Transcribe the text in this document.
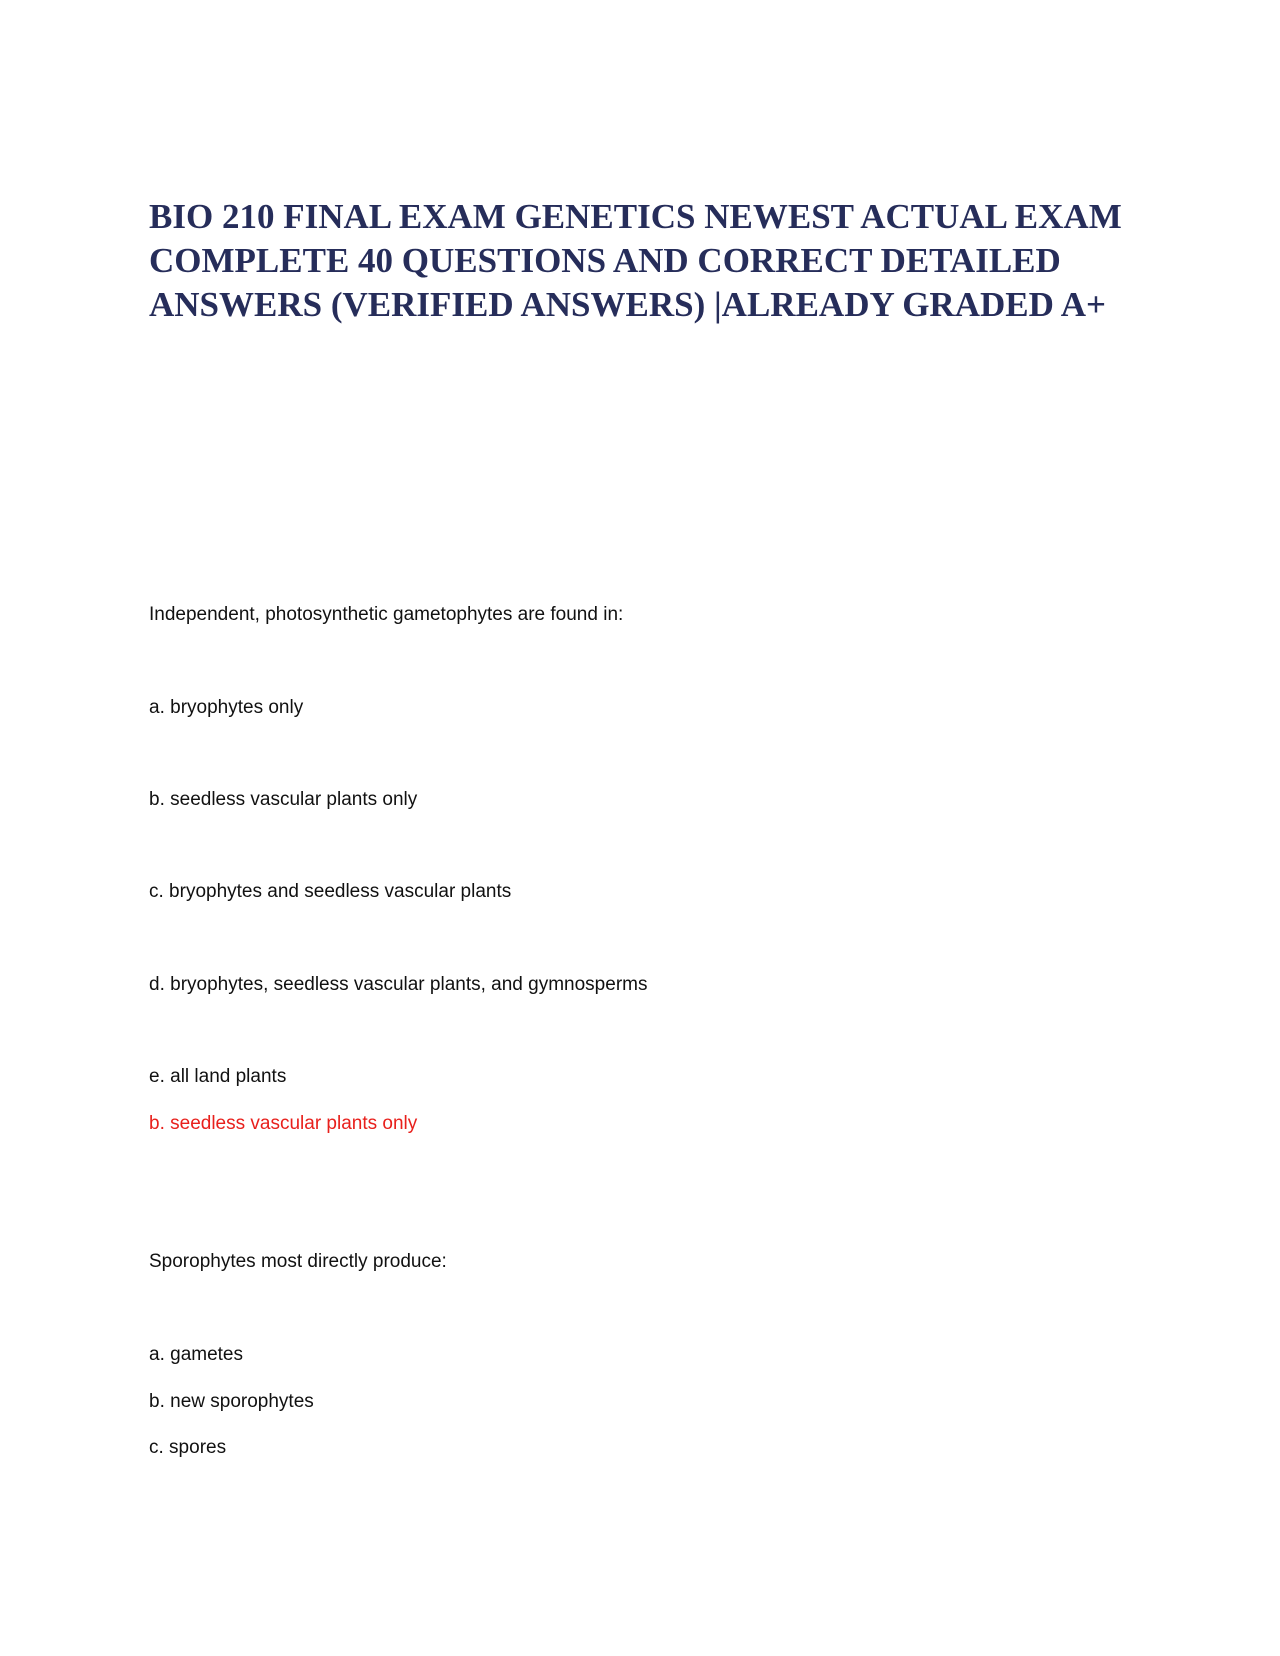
BIO 210 FINAL EXAM GENETICS NEWEST ACTUAL EXAM COMPLETE 40 QUESTIONS AND CORRECT DETAILED ANSWERS (VERIFIED ANSWERS) |ALREADY GRADED A+
Independent, photosynthetic gametophytes are found in:
a. bryophytes only
b. seedless vascular plants only
c. bryophytes and seedless vascular plants
d. bryophytes, seedless vascular plants, and gymnosperms
e. all land plants
b. seedless vascular plants only
Sporophytes most directly produce:
a. gametes
b. new sporophytes
c. spores
